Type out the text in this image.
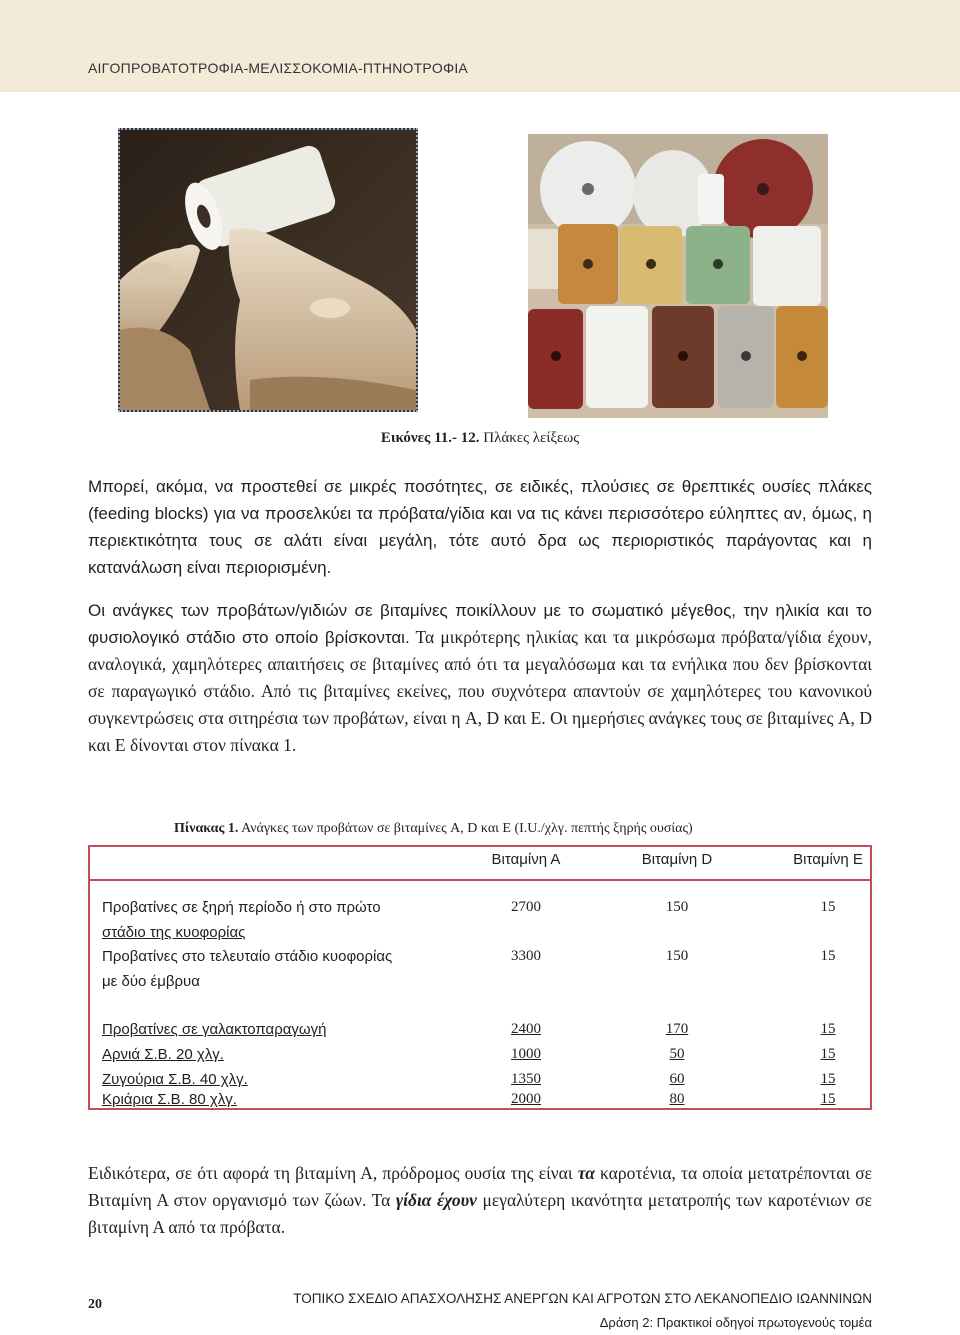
ΑΙΓΟΠΡΟΒΑΤΟΤΡΟΦΙΑ-ΜΕΛΙΣΣΟΚΟΜΙΑ-ΠΤΗΝΟΤΡΟΦΙΑ
Εικόνες 11.- 12. Πλάκες λείξεως

Μπορεί, ακόμα, να προστεθεί σε μικρές ποσότητες, σε ειδικές, πλούσιες σε θρεπτικές ουσίες πλάκες (feeding blocks) για να προσελκύει τα πρόβατα/γίδια και να τις κάνει περισσότερο εύληπτες αν, όμως, η περιεκτικότητα τους σε αλάτι είναι μεγάλη, τότε αυτό δρα ως περιοριστικός παράγοντας και η κατανάλωση είναι περιορισμένη.

Οι ανάγκες των προβάτων/γιδιών σε βιταμίνες ποικίλλουν με το σωματικό μέγεθος, την ηλικία και το φυσιολογικό στάδιο στο οποίο βρίσκονται. Τα μικρότερης ηλικίας και τα μικρόσωμα πρόβατα/γίδια έχουν, αναλογικά, χαμηλότερες απαιτήσεις σε βιταμίνες από ότι τα μεγαλόσωμα και τα ενήλικα που δεν βρίσκονται σε παραγωγικό στάδιο. Από τις βιταμίνες εκείνες, που συχνότερα απαντούν σε χαμηλότερες του κανονικού συγκεντρώσεις στα σιτηρέσια των προβάτων, είναι η A, D και E. Οι ημερήσιες ανάγκες τους σε βιταμίνες A, D και E δίνονται στον πίνακα 1.

Πίνακας 1. Ανάγκες των προβάτων σε βιταμίνες A, D και E (I.U./χλγ. πεπτής ξηρής ουσίας)
Βιταμίνη Α	Βιταμίνη D	Βιταμίνη Ε
Προβατίνες σε ξηρή περίοδο ή στο πρώτο
στάδιο της κυοφορίας
2700	150	15
Προβατίνες στο τελευταίο στάδιο κυοφορίας
με δύο έμβρυα
3300	150	15
Προβατίνες σε γαλακτοπαραγωγή	2400	170	15
Αρνιά Σ.Β. 20 χλγ.	1000	50	15
Ζυγούρια Σ.Β. 40 χλγ.	1350	60	15
Κριάρια Σ.Β. 80 χλγ.	2000	80	15

Ειδικότερα, σε ότι αφορά τη βιταμίνη Α, πρόδρομος ουσία της είναι τα καροτένια, τα οποία μετατρέπονται σε Βιταμίνη Α στον οργανισμό των ζώων. Τα γίδια έχουν μεγαλύτερη ικανότητα μετατροπής των καροτένιων σε βιταμίνη Α από τα πρόβατα.

20	ΤΟΠΙΚΟ ΣΧΕΔΙΟ ΑΠΑΣΧΟΛΗΣΗΣ ΑΝΕΡΓΩΝ ΚΑΙ ΑΓΡΟΤΩΝ ΣΤΟ ΛΕΚΑΝΟΠΕΔΙΟ ΙΩΑΝΝΙΝΩΝ
Δράση 2: Πρακτικοί οδηγοί πρωτογενούς τομέα
